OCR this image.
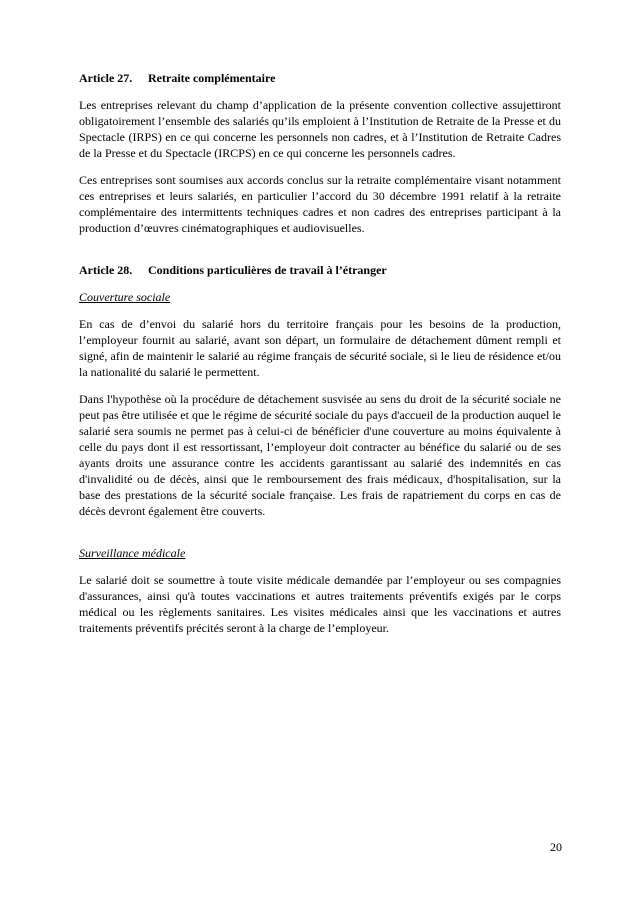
Article 27.	Retraite complémentaire

Les entreprises relevant du champ d’application de la présente convention collective assujettiront obligatoirement l’ensemble des salariés qu’ils emploient à l’Institution de Retraite de la Presse et du Spectacle (IRPS) en ce qui concerne les personnels non cadres, et à l’Institution de Retraite Cadres de la Presse et du Spectacle (IRCPS) en ce qui concerne les personnels cadres.

Ces entreprises sont soumises aux accords conclus sur la retraite complémentaire visant notamment ces entreprises et leurs salariés, en particulier l’accord du 30 décembre 1991 relatif à la retraite complémentaire des intermittents techniques cadres et non cadres des entreprises participant à la production d’œuvres cinématographiques et audiovisuelles.

Article 28.	Conditions particulières de travail à l’étranger

Couverture sociale

En cas de d’envoi du salarié hors du territoire français pour les besoins de la production, l’employeur fournit au salarié, avant son départ, un formulaire de détachement dûment rempli et signé, afin de maintenir le salarié au régime français de sécurité sociale, si le lieu de résidence et/ou la nationalité du salarié le permettent.

Dans l'hypothèse où la procédure de détachement susvisée au sens du droit de la sécurité sociale ne peut pas être utilisée et que le régime de sécurité sociale du pays d'accueil de la production auquel le salarié sera soumis ne permet pas à celui-ci de bénéficier d'une couverture au moins équivalente à celle du pays dont il est ressortissant, l’employeur doit contracter au bénéfice du salarié ou de ses ayants droits une assurance contre les accidents garantissant au salarié des indemnités en cas d'invalidité ou de décès, ainsi que le remboursement des frais médicaux, d'hospitalisation, sur la base des prestations de la sécurité sociale française. Les frais de rapatriement du corps en cas de décès devront également être couverts.

Surveillance médicale

Le salarié doit se soumettre à toute visite médicale demandée par l’employeur ou ses compagnies d'assurances, ainsi qu'à toutes vaccinations et autres traitements préventifs exigés par le corps médical ou les règlements sanitaires. Les visites médicales ainsi que les vaccinations et autres traitements préventifs précités seront à la charge de l’employeur.

20
